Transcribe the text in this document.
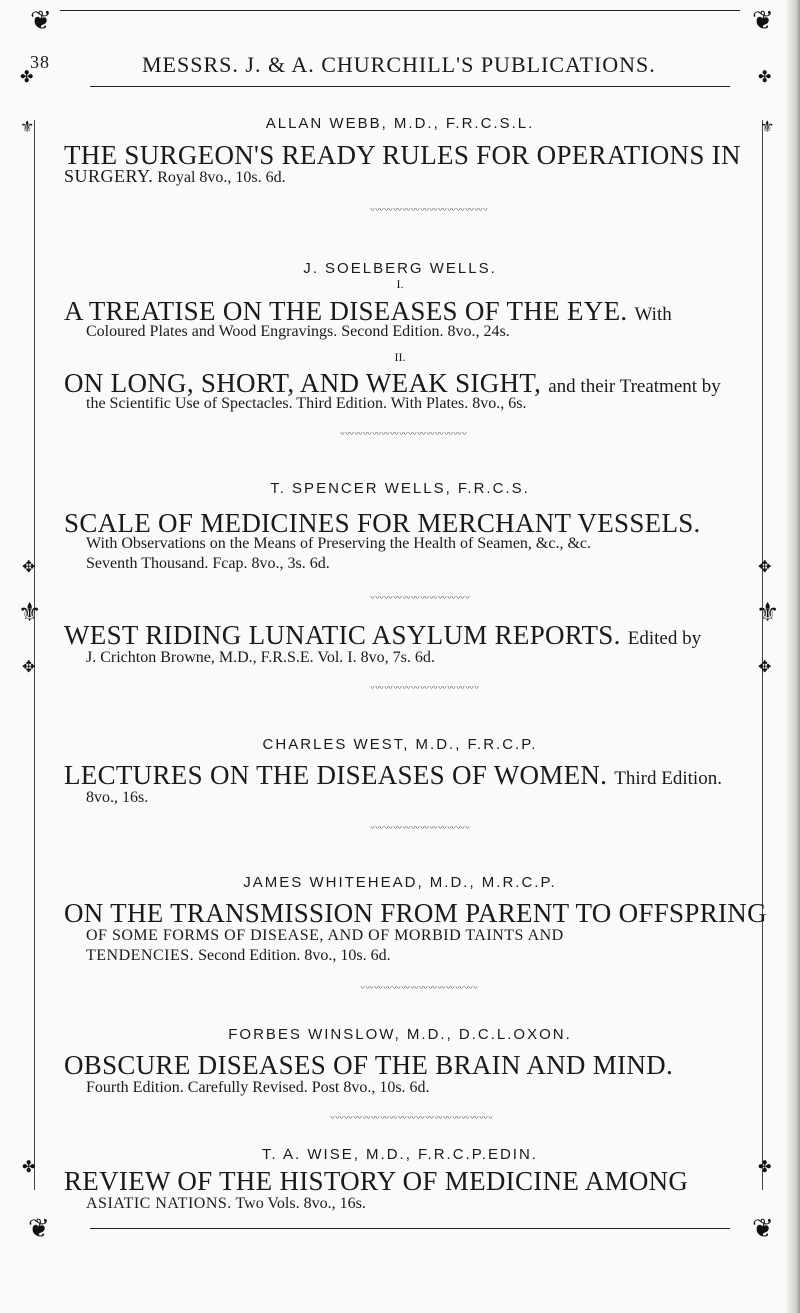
❦	❦
✤	✤
⚜	⚜
✥	✥
⚜	⚜
✥	✥
✤	✤
❦	❦
38	MESSRS. J. & A. CHURCHILL'S PUBLICATIONS.
ALLAN WEBB, M.D., F.R.C.S.L.
THE SURGEON'S READY RULES FOR OPERATIONS IN
SURGERY. Royal 8vo., 10s. 6d.
〰〰〰〰〰〰〰〰〰〰〰〰〰
J. SOELBERG WELLS.
I.
A TREATISE ON THE DISEASES OF THE EYE. With
Coloured Plates and Wood Engravings. Second Edition. 8vo., 24s.
II.
ON LONG, SHORT, AND WEAK SIGHT, and their Treatment by
the Scientific Use of Spectacles. Third Edition. With Plates. 8vo., 6s.
〰〰〰〰〰〰〰〰〰〰〰〰〰〰
T. SPENCER WELLS, F.R.C.S.
SCALE OF MEDICINES FOR MERCHANT VESSELS.
With Observations on the Means of Preserving the Health of Seamen, &c., &c.
Seventh Thousand. Fcap. 8vo., 3s. 6d.
〰〰〰〰〰〰〰〰〰〰〰
WEST RIDING LUNATIC ASYLUM REPORTS. Edited by
J. Crichton Browne, M.D., F.R.S.E. Vol. I. 8vo, 7s. 6d.
〰〰〰〰〰〰〰〰〰〰〰〰
CHARLES WEST, M.D., F.R.C.P.
LECTURES ON THE DISEASES OF WOMEN. Third Edition.
8vo., 16s.
〰〰〰〰〰〰〰〰〰〰〰
JAMES WHITEHEAD, M.D., M.R.C.P.
ON THE TRANSMISSION FROM PARENT TO OFFSPRING
OF SOME FORMS OF DISEASE, AND OF MORBID TAINTS AND
TENDENCIES. Second Edition. 8vo., 10s. 6d.
〰〰〰〰〰〰〰〰〰〰〰〰〰
FORBES WINSLOW, M.D., D.C.L.OXON.
OBSCURE DISEASES OF THE BRAIN AND MIND.
Fourth Edition. Carefully Revised. Post 8vo., 10s. 6d.
〰〰〰〰〰〰〰〰〰〰〰〰〰〰〰〰〰〰
T. A. WISE, M.D., F.R.C.P.EDIN.
REVIEW OF THE HISTORY OF MEDICINE AMONG
ASIATIC NATIONS. Two Vols. 8vo., 16s.
